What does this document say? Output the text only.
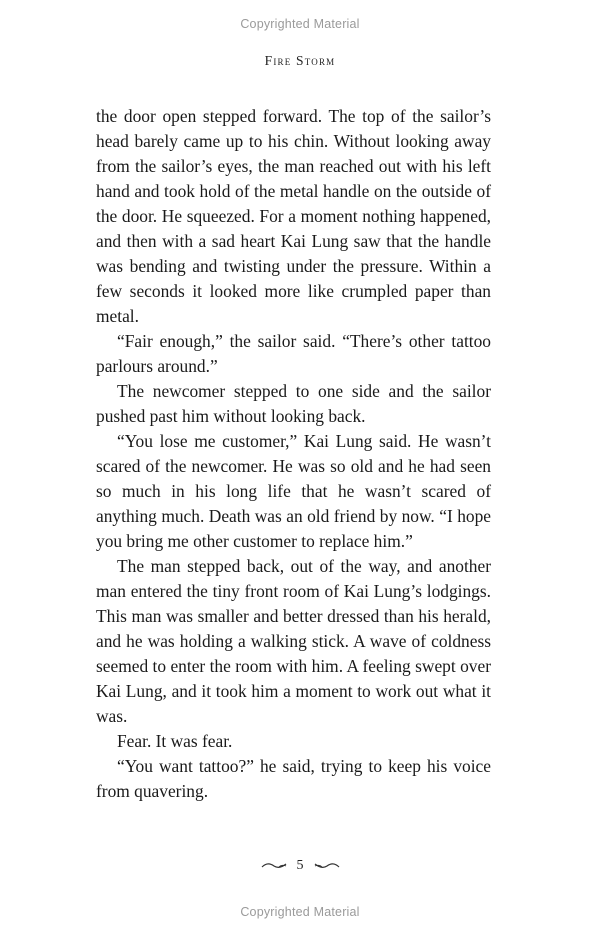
Copyrighted Material
Fire Storm

the door open stepped forward. The top of the sailor’s head barely came up to his chin. Without looking away from the sailor’s eyes, the man reached out with his left hand and took hold of the metal handle on the outside of the door. He squeezed. For a moment nothing happened, and then with a sad heart Kai Lung saw that the handle was bending and twisting under the pressure. Within a few seconds it looked more like crumpled paper than metal.

“Fair enough,” the sailor said. “There’s other tattoo parlours around.”

The newcomer stepped to one side and the sailor pushed past him without looking back.

“You lose me customer,” Kai Lung said. He wasn’t scared of the newcomer. He was so old and he had seen so much in his long life that he wasn’t scared of anything much. Death was an old friend by now. “I hope you bring me other customer to replace him.”

The man stepped back, out of the way, and another man entered the tiny front room of Kai Lung’s lodgings. This man was smaller and better dressed than his herald, and he was holding a walking stick. A wave of coldness seemed to enter the room with him. A feeling swept over Kai Lung, and it took him a moment to work out what it was.

Fear. It was fear.

“You want tattoo?” he said, trying to keep his voice from quavering.

5
Copyrighted Material
